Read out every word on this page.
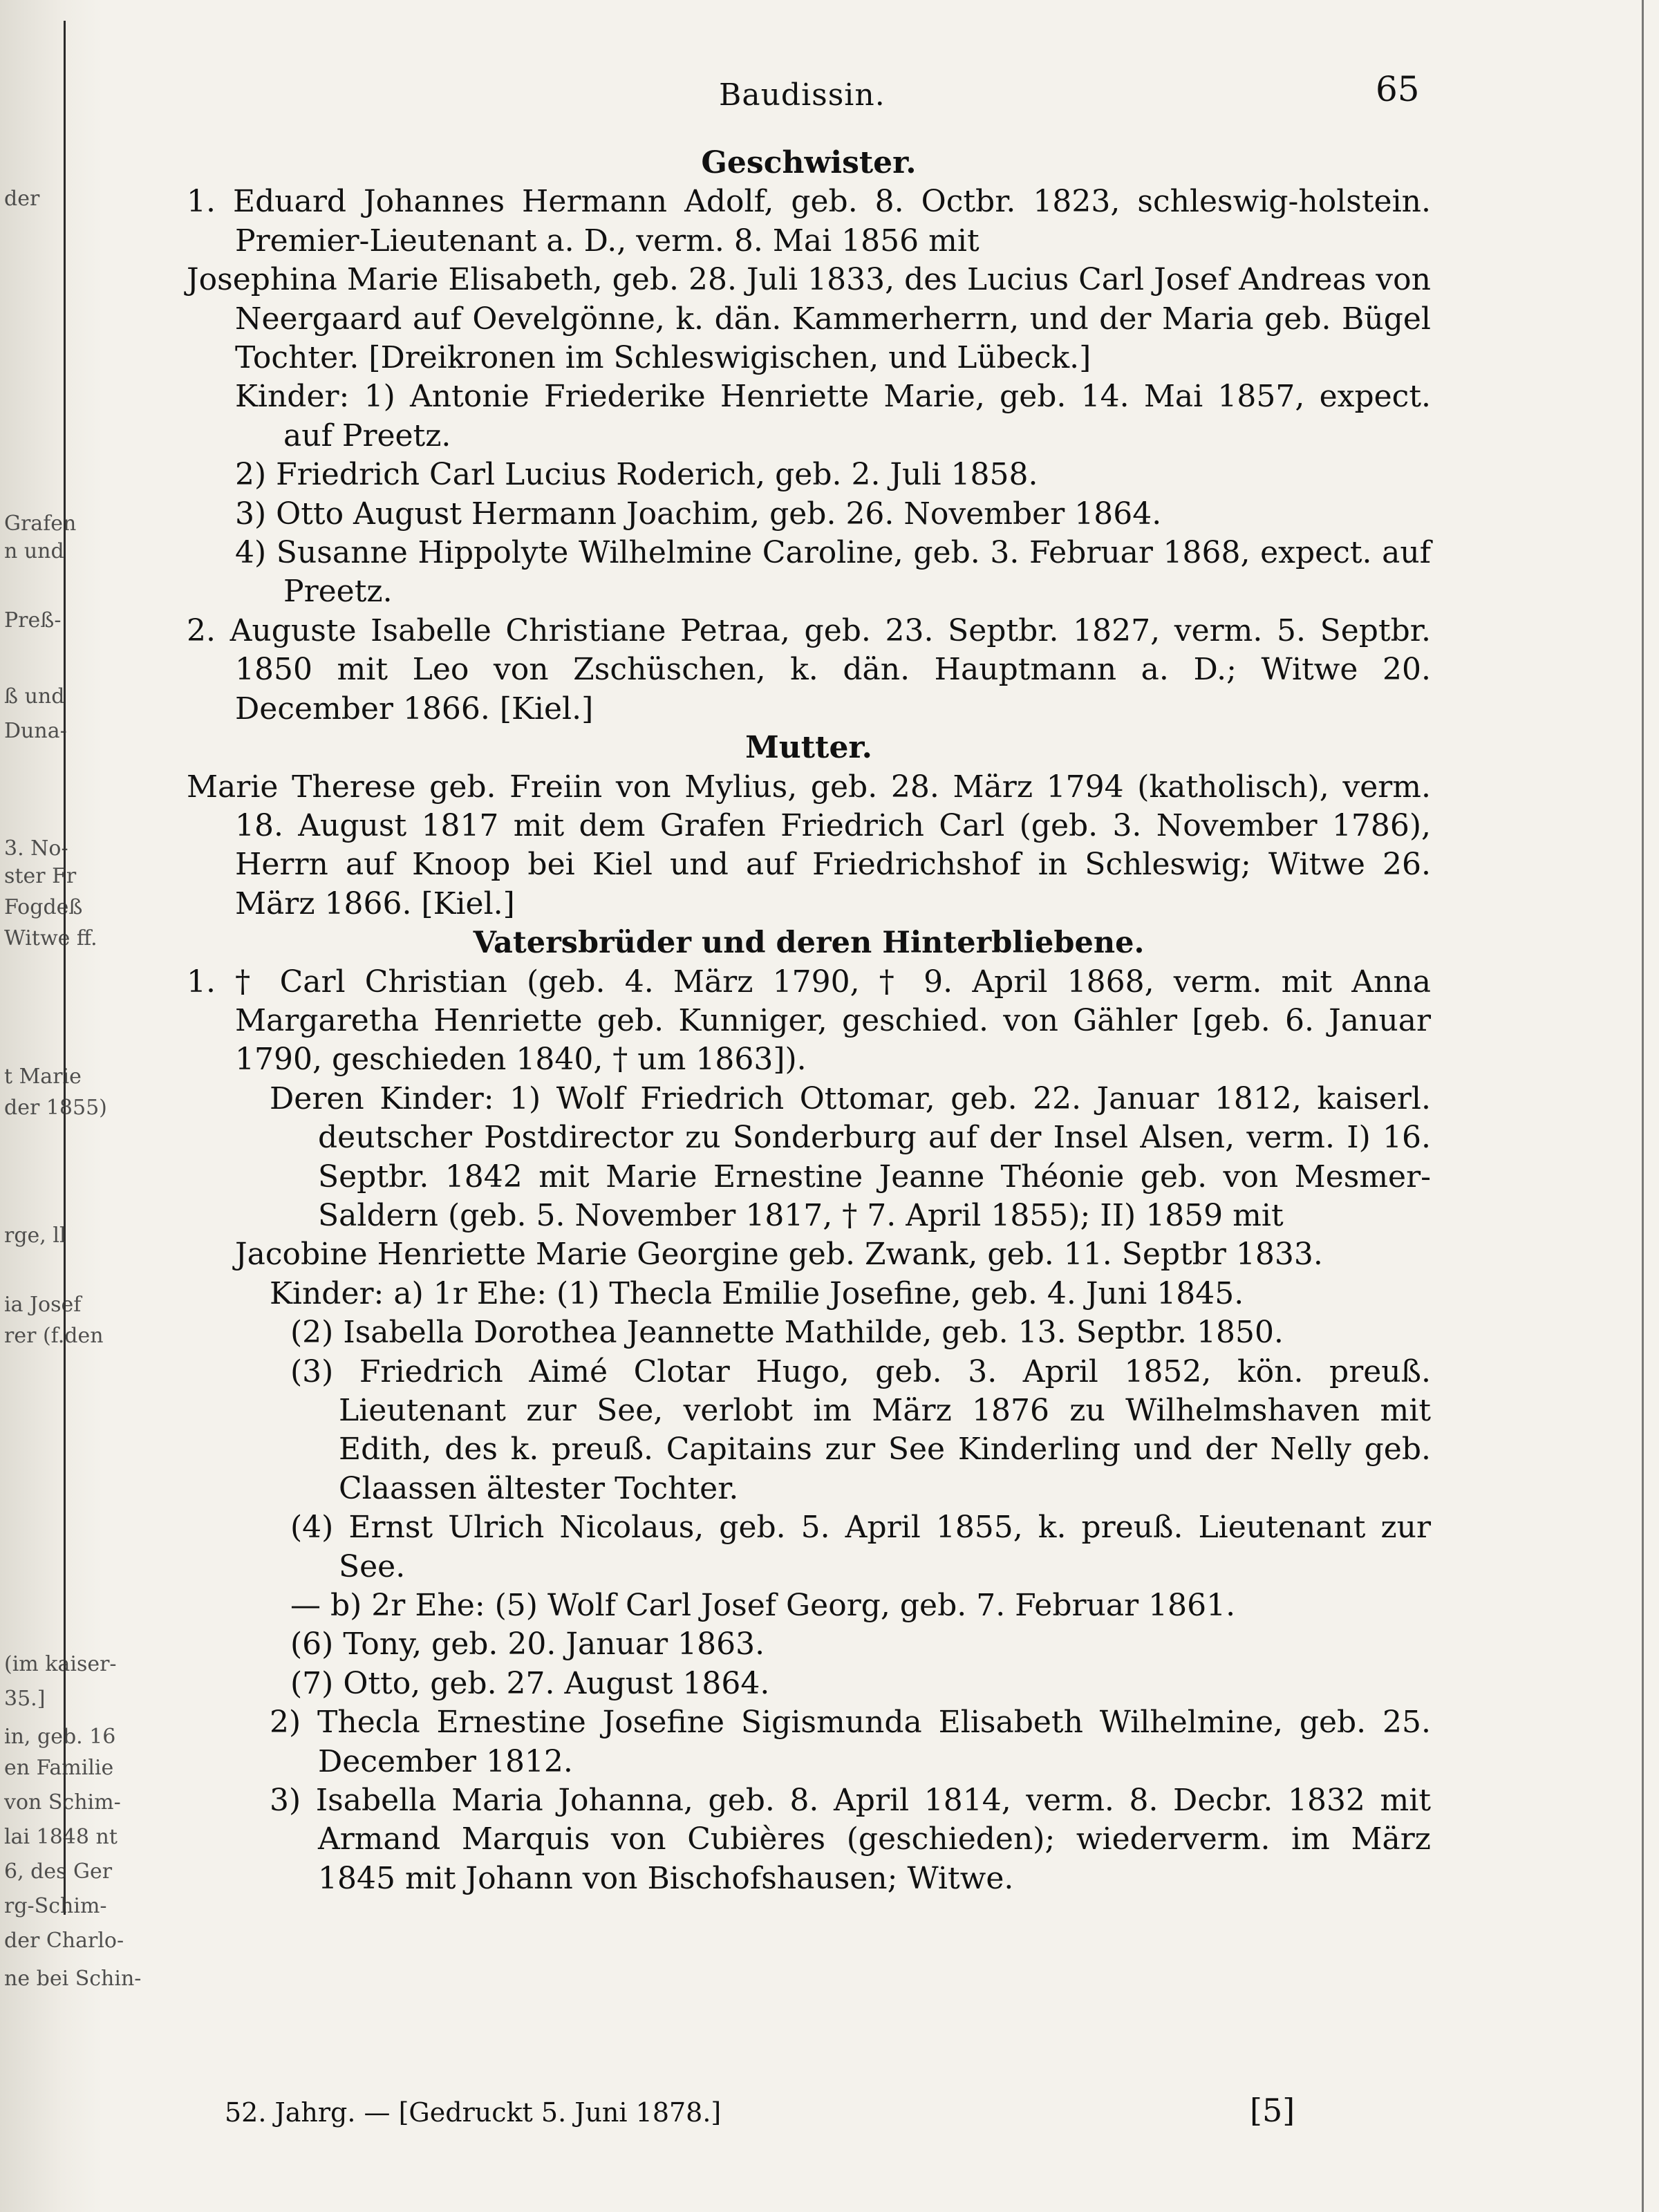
der
Grafen
n und
Preß-
ß und
Duna-
3. No-
ster Fr
Fogdeß
Witwe ff.
t Marie
der 1855)
rge, ll
ia Josef
rer (f.den
(im kaiser-
35.]
in, geb. 16
en Familie
von Schim-
lai 1848 nt
6, des Ger
rg-Schim-
der Charlo-
ne bei Schin-
Baudissin.	65

Geschwister.

1. Eduard Johannes Hermann Adolf, geb. 8. Octbr. 1823, schleswig-holstein. Premier-Lieutenant a. D., verm. 8. Mai 1856 mit

Josephina Marie Elisabeth, geb. 28. Juli 1833, des Lucius Carl Josef Andreas von Neergaard auf Oevelgönne, k. dän. Kammerherrn, und der Maria geb. Bügel Tochter. [Dreikronen im Schleswigischen, und Lübeck.]

Kinder: 1) Antonie Friederike Henriette Marie, geb. 14. Mai 1857, expect. auf Preetz.

2) Friedrich Carl Lucius Roderich, geb. 2. Juli 1858.

3) Otto August Hermann Joachim, geb. 26. November 1864.

4) Susanne Hippolyte Wilhelmine Caroline, geb. 3. Februar 1868, expect. auf Preetz.

2. Auguste Isabelle Christiane Petraa, geb. 23. Septbr. 1827, verm. 5. Septbr. 1850 mit Leo von Zschüschen, k. dän. Hauptmann a. D.; Witwe 20. December 1866. [Kiel.]

Mutter.

Marie Therese geb. Freiin von Mylius, geb. 28. März 1794 (katholisch), verm. 18. August 1817 mit dem Grafen Friedrich Carl (geb. 3. November 1786), Herrn auf Knoop bei Kiel und auf Friedrichshof in Schleswig; Witwe 26. März 1866. [Kiel.]

Vatersbrüder und deren Hinterbliebene.

1. † Carl Christian (geb. 4. März 1790, † 9. April 1868, verm. mit Anna Margaretha Henriette geb. Kunniger, geschied. von Gähler [geb. 6. Januar 1790, geschieden 1840, † um 1863]).

Deren Kinder: 1) Wolf Friedrich Ottomar, geb. 22. Januar 1812, kaiserl. deutscher Postdirector zu Sonderburg auf der Insel Alsen, verm. I) 16. Septbr. 1842 mit Marie Ernestine Jeanne Théonie geb. von Mesmer-Saldern (geb. 5. November 1817, † 7. April 1855); II) 1859 mit

Jacobine Henriette Marie Georgine geb. Zwank, geb. 11. Septbr 1833.

Kinder: a) 1r Ehe: (1) Thecla Emilie Josefine, geb. 4. Juni 1845.

(2) Isabella Dorothea Jeannette Mathilde, geb. 13. Septbr. 1850.

(3) Friedrich Aimé Clotar Hugo, geb. 3. April 1852, kön. preuß. Lieutenant zur See, verlobt im März 1876 zu Wilhelmshaven mit Edith, des k. preuß. Capitains zur See Kinderling und der Nelly geb. Claassen ältester Tochter.

(4) Ernst Ulrich Nicolaus, geb. 5. April 1855, k. preuß. Lieutenant zur See.

— b) 2r Ehe: (5) Wolf Carl Josef Georg, geb. 7. Februar 1861.

(6) Tony, geb. 20. Januar 1863.

(7) Otto, geb. 27. August 1864.

2) Thecla Ernestine Josefine Sigismunda Elisabeth Wilhelmine, geb. 25. December 1812.

3) Isabella Maria Johanna, geb. 8. April 1814, verm. 8. Decbr. 1832 mit Armand Marquis von Cubières (geschieden); wiederverm. im März 1845 mit Johann von Bischofshausen; Witwe.

52. Jahrg. — [Gedruckt 5. Juni 1878.]	[5]
